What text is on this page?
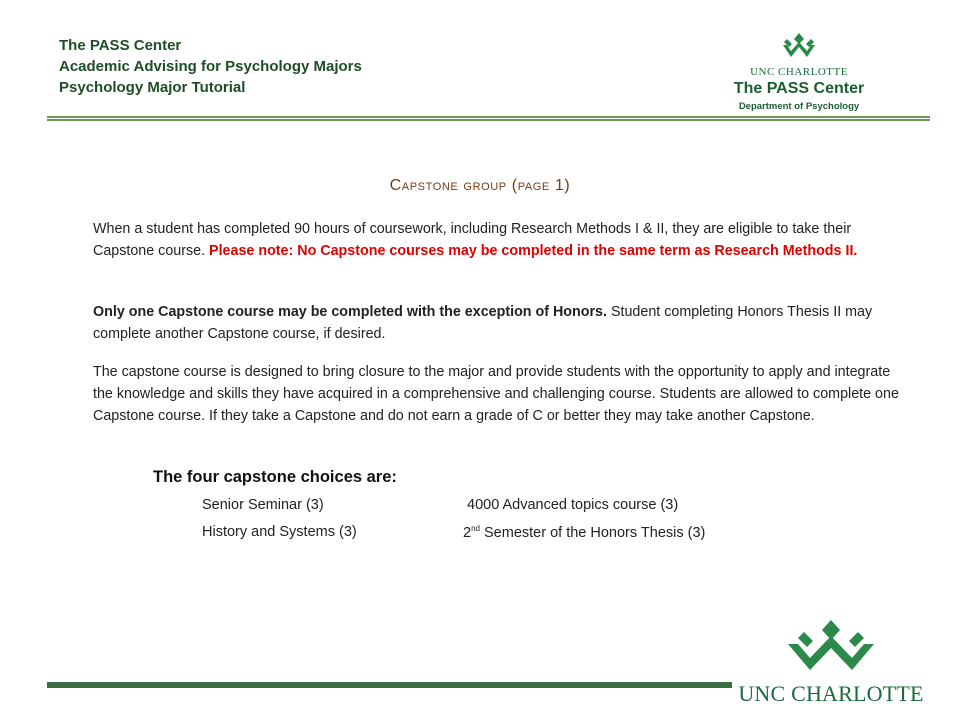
The PASS Center
Academic Advising for Psychology Majors
Psychology Major Tutorial
UNC CHARLOTTE
The PASS Center
Department of Psychology
Capstone group (page 1)
When a student has completed 90 hours of coursework, including Research Methods I & II, they are eligible to take their Capstone course. Please note: No Capstone courses may be completed in the same term as Research Methods II.
Only one Capstone course may be completed with the exception of Honors. Student completing Honors Thesis II may complete another Capstone course, if desired.
The capstone course is designed to bring closure to the major and provide students with the opportunity to apply and integrate the knowledge and skills they have acquired in a comprehensive and challenging course. Students are allowed to complete one Capstone course. If they take a Capstone and do not earn a grade of C or better they may take another Capstone.
The four capstone choices are:
Senior Seminar (3)	4000 Advanced topics course (3)
History and Systems (3)	2nd Semester of the Honors Thesis (3)
UNC CHARLOTTE
